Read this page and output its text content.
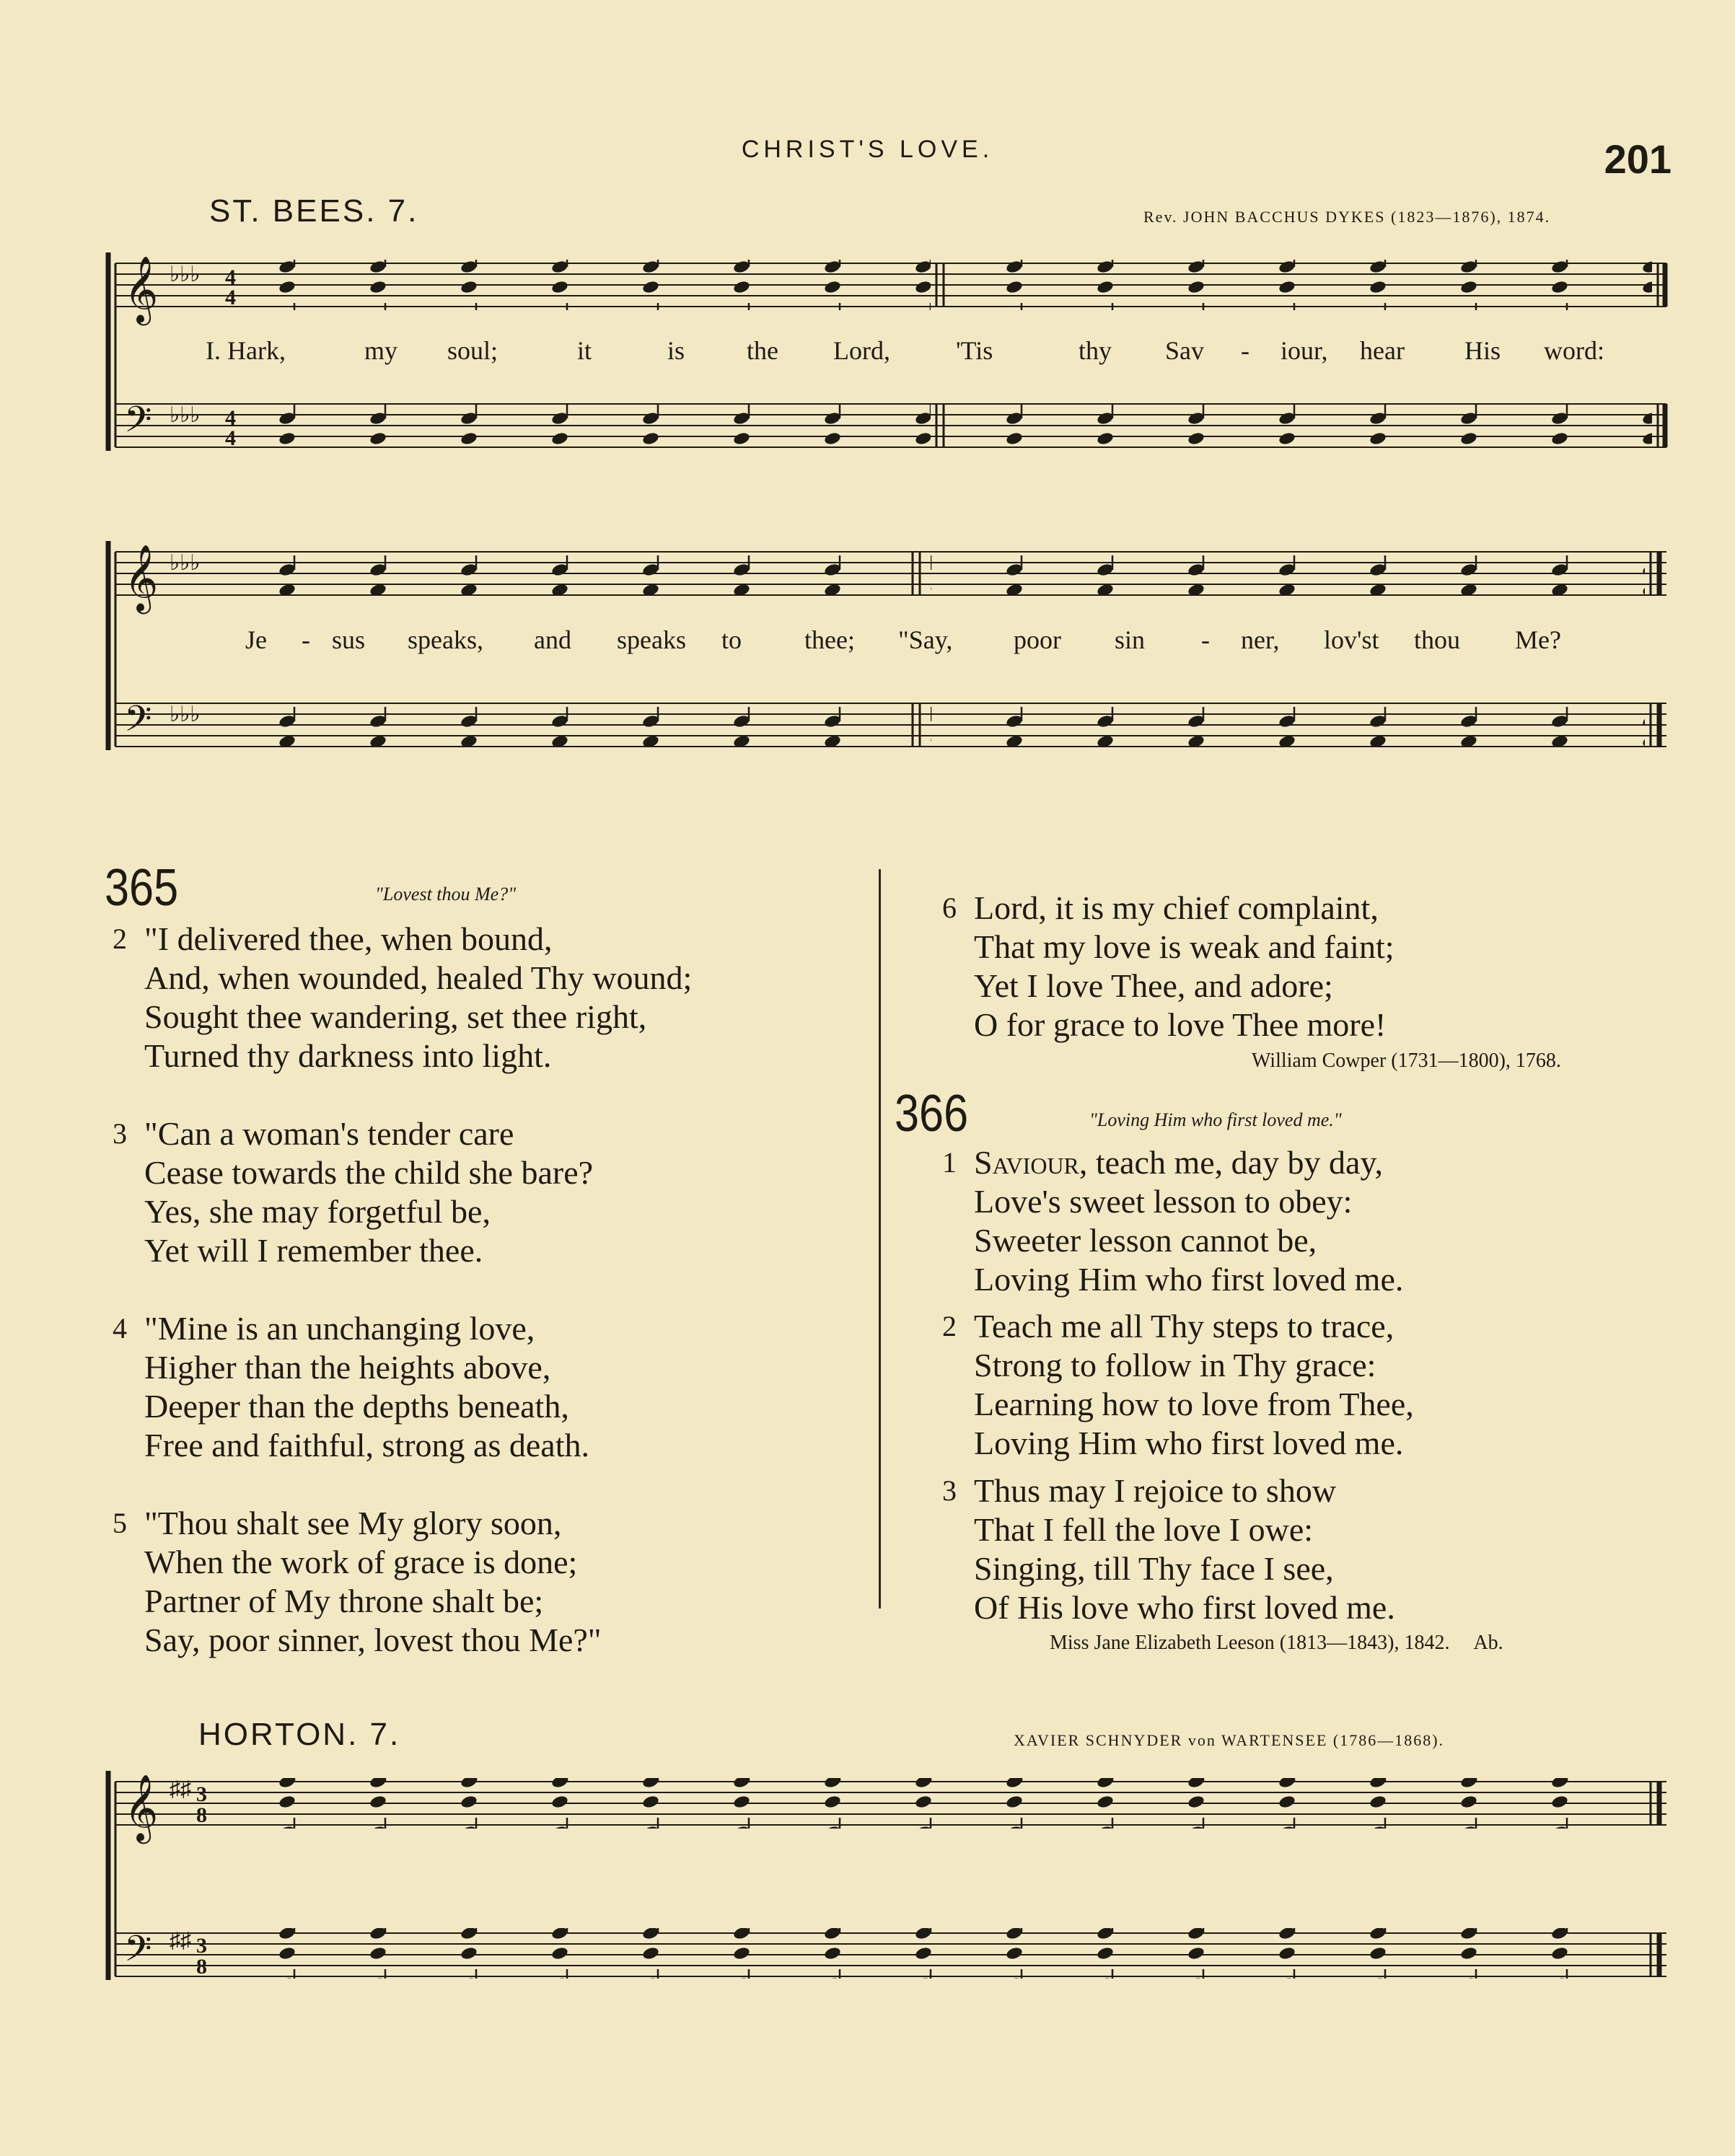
CHRIST'S LOVE.	201
ST. BEES. 7.	Rev. JOHN BACCHUS DYKES (1823—1876), 1874.
𝄞
𝄢
♭♭♭
♭♭♭
4
4
4
4
𝄞
𝄢
♭♭♭
♭♭♭
𝄞
𝄢
♯♯
♯♯
3
8
3
8
I. Hark,	my soul;	it	is the Lord,	'Tis	thy Sav - iour, hear His word:
Je - sus speaks, and speaks to thee; "Say, poor sin - ner, lov'st thou Me?
365	"Lovest thou Me?"
2 "I delivered thee, when bound,
And, when wounded, healed Thy wound;
Sought thee wandering, set thee right,
Turned thy darkness into light.
3 "Can a woman's tender care
Cease towards the child she bare?
Yes, she may forgetful be,
Yet will I remember thee.
4 "Mine is an unchanging love,
Higher than the heights above,
Deeper than the depths beneath,
Free and faithful, strong as death.
5 "Thou shalt see My glory soon,
When the work of grace is done;
Partner of My throne shalt be;
Say, poor sinner, lovest thou Me?"
6 Lord, it is my chief complaint,
That my love is weak and faint;
Yet I love Thee, and adore;
O for grace to love Thee more!
William Cowper (1731—1800), 1768.
366	"Loving Him who first loved me."
1 Saviour, teach me, day by day,
Love's sweet lesson to obey:
Sweeter lesson cannot be,
Loving Him who first loved me.
2 Teach me all Thy steps to trace,
Strong to follow in Thy grace:
Learning how to love from Thee,
Loving Him who first loved me.
3 Thus may I rejoice to show
That I fell the love I owe:
Singing, till Thy face I see,
Of His love who first loved me.
Miss Jane Elizabeth Leeson (1813—1843), 1842. Ab.
HORTON. 7.	XAVIER SCHNYDER von WARTENSEE (1786—1868).
